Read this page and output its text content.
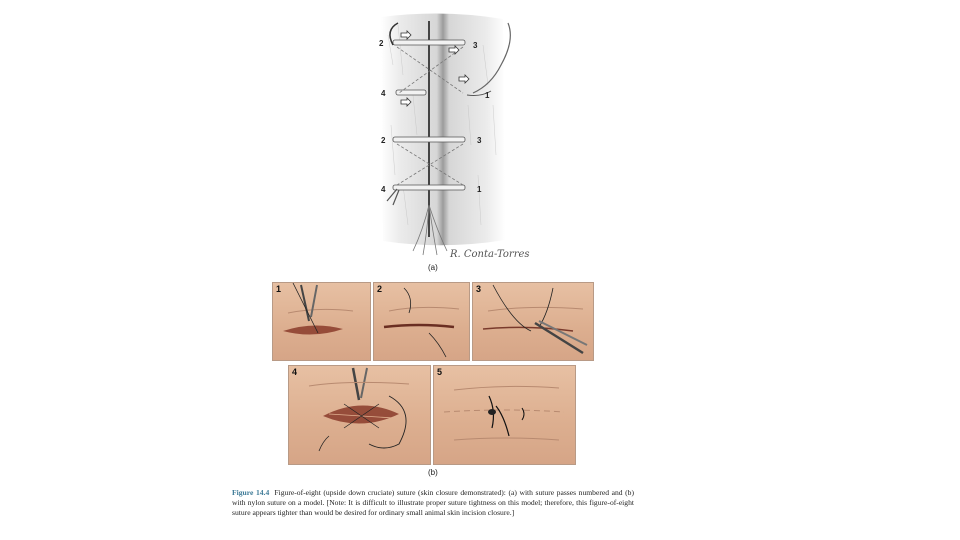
2	3
4	1
2	3
4	1
R. Conta-Torres
(a)
1	2	3
4	5
(b)
Figure 14.4 Figure-of-eight (upside down cruciate) suture (skin closure demonstrated): (a) with suture passes numbered and (b) with nylon suture on a model. [Note: It is difficult to illustrate proper suture tightness on this model; therefore, this figure-of-eight suture appears tighter than would be desired for ordinary small animal skin incision closure.]
